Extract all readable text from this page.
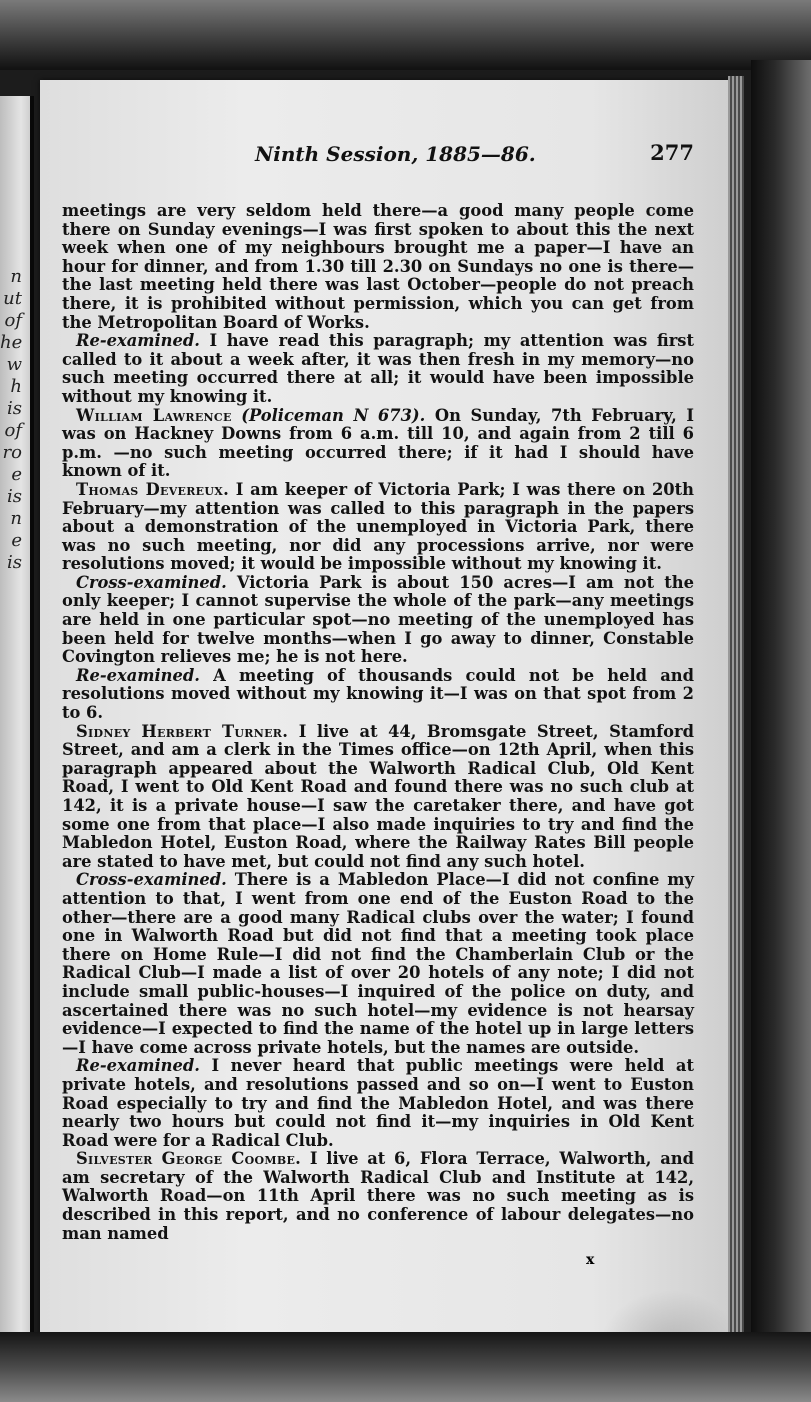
n
ut
of
he
w
h
is
of
ro
e
is
n
e
is
Ninth Session, 1885—86.	277

meetings are very seldom held there—a good many people come there on Sunday evenings—I was first spoken to about this the next week when one of my neighbours brought me a paper—I have an hour for dinner, and from 1.30 till 2.30 on Sundays no one is there—the last meeting held there was last October—people do not preach there, it is prohibited without permission, which you can get from the Metropolitan Board of Works.

Re-examined. I have read this paragraph; my attention was first called to it about a week after, it was then fresh in my memory—no such meeting occurred there at all; it would have been impossible without my knowing it.

William Lawrence (Policeman N 673). On Sunday, 7th February, I was on Hackney Downs from 6 a.m. till 10, and again from 2 till 6 p.m. —no such meeting occurred there; if it had I should have known of it.

Thomas Devereux. I am keeper of Victoria Park; I was there on 20th February—my attention was called to this paragraph in the papers about a demonstration of the unemployed in Victoria Park, there was no such meeting, nor did any processions arrive, nor were resolutions moved; it would be impossible without my knowing it.

Cross-examined. Victoria Park is about 150 acres—I am not the only keeper; I cannot supervise the whole of the park—any meetings are held in one particular spot—no meeting of the unemployed has been held for twelve months—when I go away to dinner, Constable Covington relieves me; he is not here.

Re-examined. A meeting of thousands could not be held and resolutions moved without my knowing it—I was on that spot from 2 to 6.

Sidney Herbert Turner. I live at 44, Bromsgate Street, Stamford Street, and am a clerk in the Times office—on 12th April, when this paragraph appeared about the Walworth Radical Club, Old Kent Road, I went to Old Kent Road and found there was no such club at 142, it is a private house—I saw the caretaker there, and have got some one from that place—I also made inquiries to try and find the Mabledon Hotel, Euston Road, where the Railway Rates Bill people are stated to have met, but could not find any such hotel.

Cross-examined. There is a Mabledon Place—I did not confine my attention to that, I went from one end of the Euston Road to the other—there are a good many Radical clubs over the water; I found one in Walworth Road but did not find that a meeting took place there on Home Rule—I did not find the Chamberlain Club or the Radical Club—I made a list of over 20 hotels of any note; I did not include small public-houses—I inquired of the police on duty, and ascertained there was no such hotel—my evidence is not hearsay evidence—I expected to find the name of the hotel up in large letters—I have come across private hotels, but the names are outside.

Re-examined. I never heard that public meetings were held at private hotels, and resolutions passed and so on—I went to Euston Road especially to try and find the Mabledon Hotel, and was there nearly two hours but could not find it—my inquiries in Old Kent Road were for a Radical Club.

Silvester George Coombe. I live at 6, Flora Terrace, Walworth, and am secretary of the Walworth Radical Club and Institute at 142, Walworth Road—on 11th April there was no such meeting as is described in this report, and no conference of labour delegates—no man named

x
